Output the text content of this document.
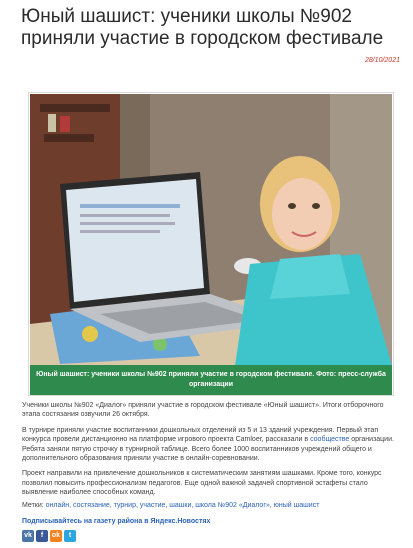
Юный шашист: ученики школы №902 приняли участие в городском фестивале
28/10/2021
Юный шашист: ученики школы №902 приняли участие в городском фестивале. Фото: пресс-служба организации

Ученики школы №902 «Диалог» приняли участие в городском фестивале «Юный шашист». Итоги отборочного этапа состязания озвучили 26 октября.

В турнире приняли участие воспитанники дошкольных отделений из 5 и 13 зданий учреждения. Первый этап конкурса провели дистанционно на платформе игрового проекта Camloer, рассказали в сообществе организации. Ребята заняли пятую строчку в турнирной таблице. Всего более 1000 воспитанников учреждений общего и дополнительного образования приняли участие в онлайн-соревновании.

Проект направили на привлечение дошкольников к систематическим занятиям шашками. Кроме того, конкурс позволил повысить профессионализм педагогов. Еще одной важной задачей спортивной эстафеты стало выявление наиболее способных команд.

Метки: онлайн, состязание, турнир, участие, шашки, школа №902 «Диалог», юный шашист
Подписывайтесь на газету района в Яндекс.Новостях
vk	f	ok	t
